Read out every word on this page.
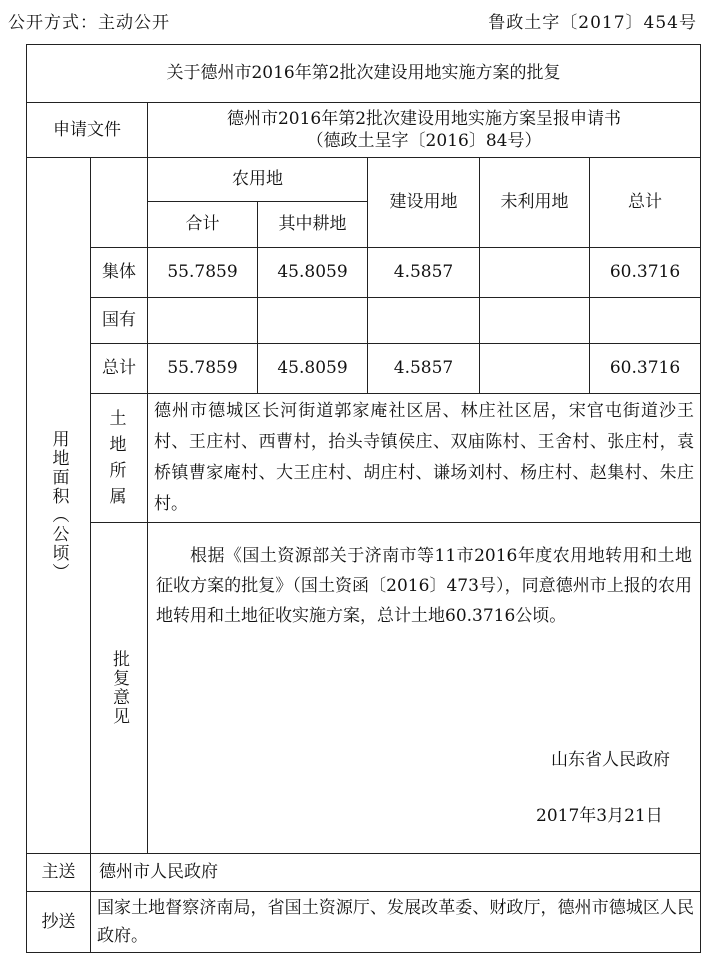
公开方式：主动公开	鲁政土字〔2017〕454号
关于德州市2016年第2批次建设用地实施方案的批复						
申请文件		德州市2016年第2批次建设用地实施方案呈报申请书
（德政土呈字〔2016〕84号）				

用地面积（公顷）		农用地		建设用地	未利用地	总计
		合计	其中耕地			
	集体	55.7859	45.8059	4.5857		60.3716
	国有					
	总计	55.7859	45.8059	4.5857		60.3716

	土地所属	德州市德城区长河街道郭家庵社区居、林庄社区居，宋官屯街道沙王村、王庄村、西曹村，抬头寺镇侯庄、双庙陈村、王舍村、张庄村，袁桥镇曹家庵村、大王庄村、胡庄村、谦场刘村、杨庄村、赵集村、朱庄村。				

	批复意见	根据《国土资源部关于济南市等11市2016年度农用地转用和土地征收方案的批复》（国土资函〔2016〕473号），同意德州市上报的农用地转用和土地征收实施方案，总计土地60.3716公顷。

山东省人民政府
2017年3月21日				

主送	德州市人民政府					
抄送	国家土地督察济南局，省国土资源厅、发展改革委、财政厅，德州市德城区人民政府。					
